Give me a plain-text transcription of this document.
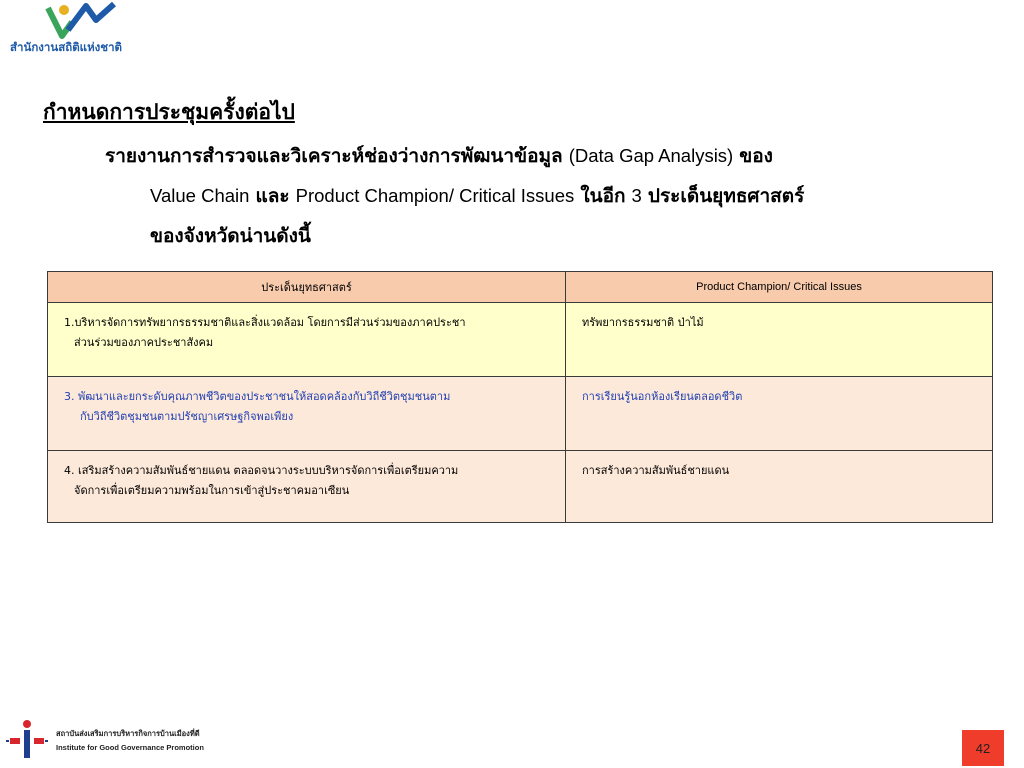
สำนักงานสถิติแห่งชาติ
กำหนดการประชุมครั้งต่อไป
รายงานการสำรวจและวิเคราะห์ช่องว่างการพัฒนาข้อมูล (Data Gap Analysis) ของ
Value Chain และ Product Champion/ Critical Issues ในอีก 3 ประเด็นยุทธศาสตร์
ของจังหวัดน่านดังนี้
ประเด็นยุทธศาสตร์	Product Champion/ Critical Issues
1.บริหารจัดการทรัพยากรธรรมชาติและสิ่งแวดล้อม โดยการมีส่วนร่วมของภาคประชา
ส่วนร่วมของภาคประชาสังคม	ทรัพยากรธรรมชาติ ป่าไม้
3. พัฒนาและยกระดับคุณภาพชีวิตของประชาชนให้สอดคล้องกับวิถีชีวิตชุมชนตาม
กับวิถีชีวิตชุมชนตามปรัชญาเศรษฐกิจพอเพียง	การเรียนรู้นอกห้องเรียนตลอดชีวิต
4. เสริมสร้างความสัมพันธ์ชายแดน ตลอดจนวางระบบบริหารจัดการเพื่อเตรียมความ
จัดการเพื่อเตรียมความพร้อมในการเข้าสู่ประชาคมอาเซียน	การสร้างความสัมพันธ์ชายแดน
สถาบันส่งเสริมการบริหารกิจการบ้านเมืองที่ดี
Institute for Good Governance Promotion	42
